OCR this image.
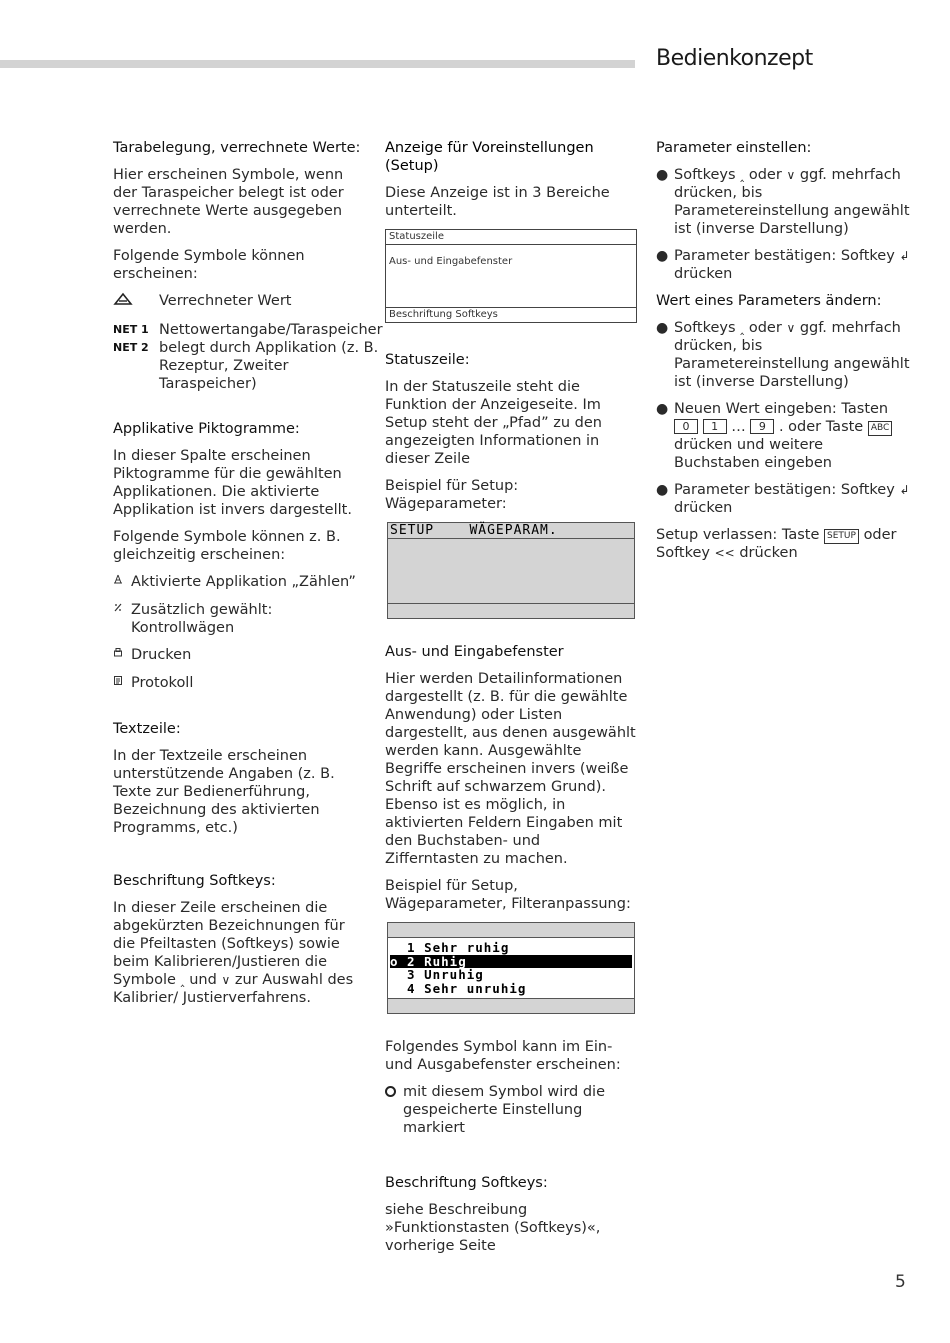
Bedienkonzept

Tarabelegung, verrechnete Werte:

Hier erscheinen Symbole, wenn der Taraspeicher belegt ist oder verrechnete Werte ausgegeben werden.

Folgende Symbole können erscheinen:

Verrechneter Wert
NET 1
NET 2
Nettowertangabe/Taraspeicher belegt durch Applikation (z. B. Rezeptur, Zweiter Taraspeicher)

Applikative Piktogramme:

In dieser Spalte erscheinen Piktogramme für die gewählten Applikationen. Die aktivierte Applikation ist invers dargestellt.

Folgende Symbole können z. B. gleichzeitig erscheinen:

Aktivierte Applikation „Zählen”
Zusätzlich gewählt: Kontrollwägen
Drucken
Protokoll

Textzeile:

In der Textzeile erscheinen unterstützende Angaben (z. B. Texte zur Bedienerführung, Bezeichnung des aktivierten Programms, etc.)

Beschriftung Softkeys:

In dieser Zeile erscheinen die abgekürzten Bezeichnungen für die Pfeiltasten (Softkeys) sowie beim Kalibrieren/Justieren die Symbole ‸ und ∨ zur Auswahl des Kalibrier/ Justierverfahrens.

Anzeige für Voreinstellungen (Setup)

Diese Anzeige ist in 3 Bereiche unterteilt.

Statuszeile
Aus- und Eingabefenster
Beschriftung Softkeys

Statuszeile:

In der Statuszeile steht die Funktion der Anzeigeseite. Im Setup steht der „Pfad” zu den angezeigten Informationen in dieser Zeile

Beispiel für Setup: Wägeparameter:

SETUP    WÄGEPARAM.

Aus- und Eingabefenster

Hier werden Detailinformationen dargestellt (z. B. für die gewählte Anwendung) oder Listen dargestellt, aus denen ausgewählt werden kann. Ausgewählte Begriffe erscheinen invers (weiße Schrift auf schwarzem Grund). Ebenso ist es möglich, in aktivierten Feldern Eingaben mit den Buchstaben- und Zifferntasten zu machen.

Beispiel für Setup, Wägeparameter, Filteranpassung:

1 Sehr ruhig
o 2 Ruhig
3 Unruhig
4 Sehr unruhig

Folgendes Symbol kann im Ein- und Ausgabefenster erscheinen:

mit diesem Symbol wird die gespeicherte Einstellung markiert

Beschriftung Softkeys:

siehe Beschreibung »Funktionstasten (Softkeys)«, vorherige Seite

Parameter einstellen:

● Softkeys ‸ oder ∨ ggf. mehrfach drücken, bis Parametereinstellung angewählt ist (inverse Darstellung)
● Parameter bestätigen: Softkey ↲ drücken

Wert eines Parameters ändern:

● Softkeys ‸ oder ∨ ggf. mehrfach drücken, bis Parametereinstellung angewählt ist (inverse Darstellung)
● Neuen Wert eingeben: Tasten 0 1 … 9 . oder Taste ABC drücken und weitere Buchstaben eingeben
● Parameter bestätigen: Softkey ↲ drücken

Setup verlassen: Taste SETUP oder Softkey << drücken

5
